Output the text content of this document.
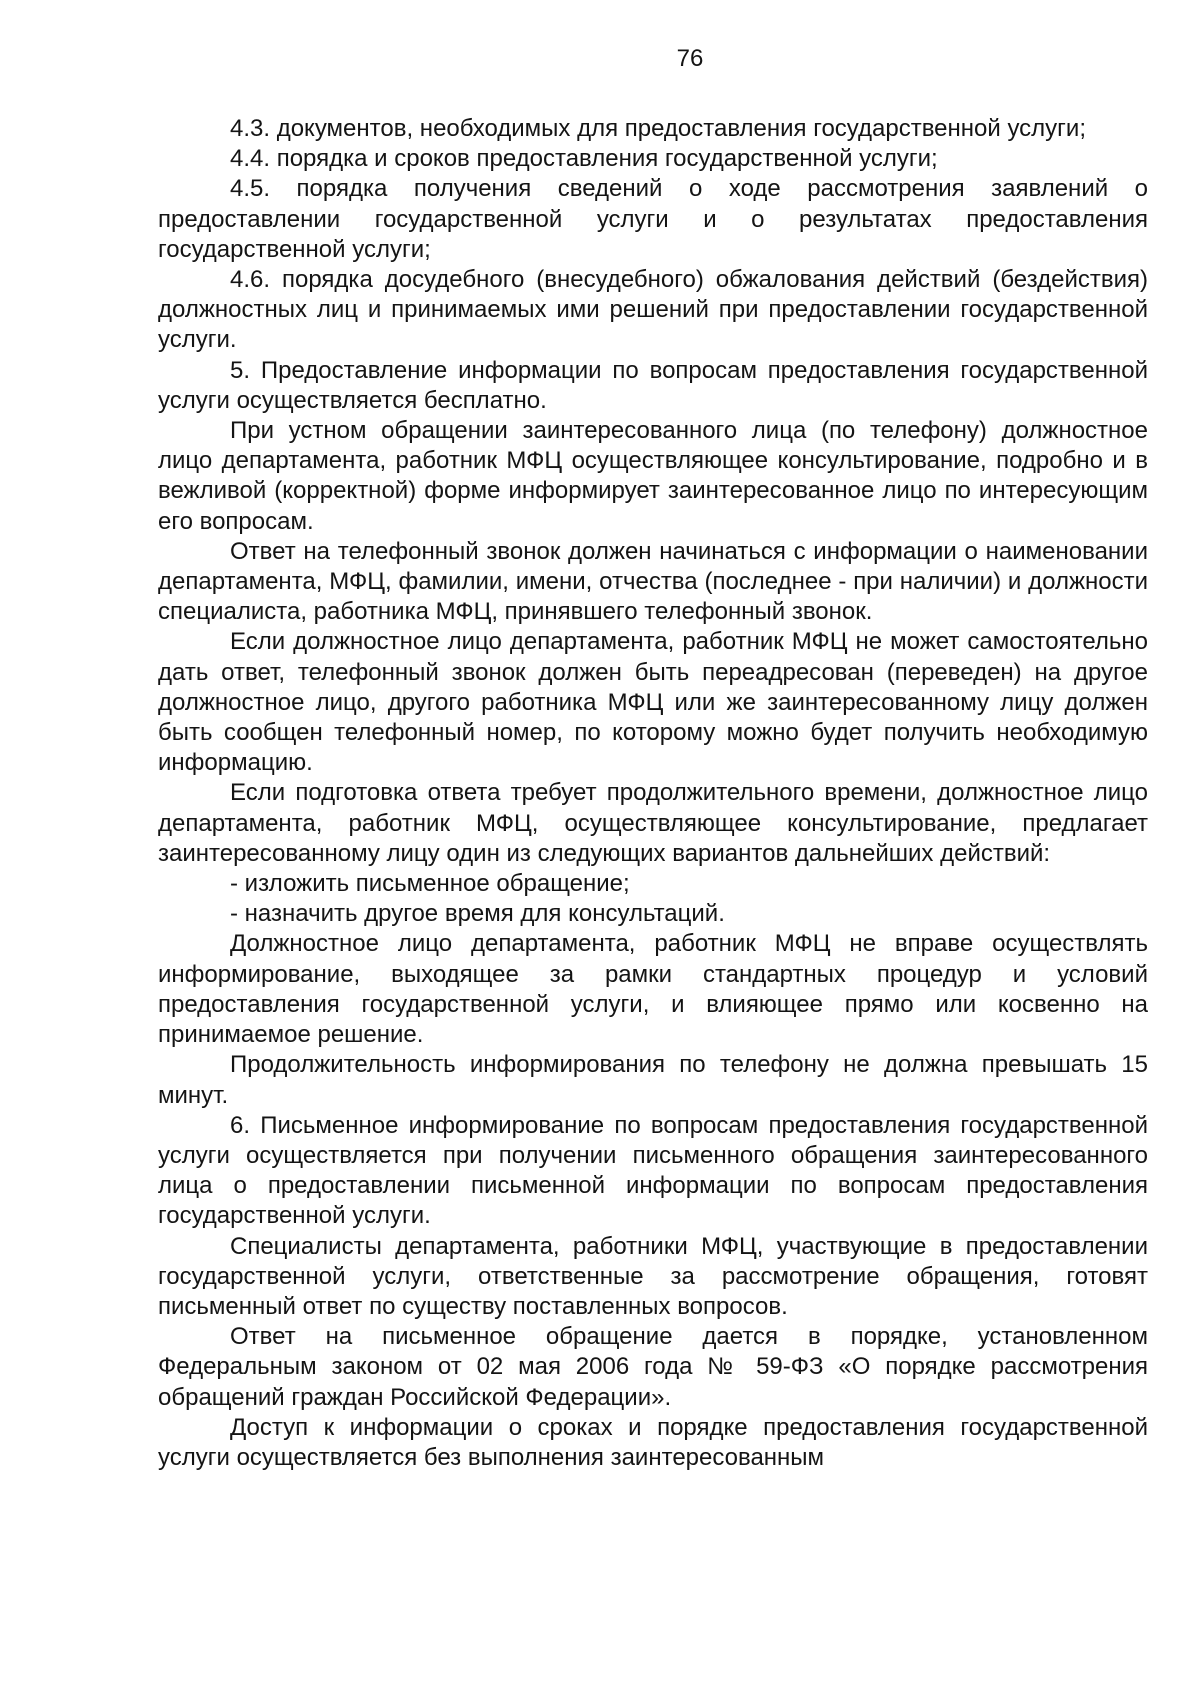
76

4.3. документов, необходимых для предоставления государственной услуги;

4.4. порядка и сроков предоставления государственной услуги;

4.5. порядка получения сведений о ходе рассмотрения заявлений о предоставлении государственной услуги и о результатах предоставления государственной услуги;

4.6. порядка досудебного (внесудебного) обжалования действий (бездействия) должностных лиц и принимаемых ими решений при предоставлении государственной услуги.

5. Предоставление информации по вопросам предоставления государственной услуги осуществляется бесплатно.

При устном обращении заинтересованного лица (по телефону) должностное лицо департамента, работник МФЦ осуществляющее консультирование, подробно и в вежливой (корректной) форме информирует заинтересованное лицо по интересующим его вопросам.

Ответ на телефонный звонок должен начинаться с информации о наименовании департамента, МФЦ, фамилии, имени, отчества (последнее - при наличии) и должности специалиста, работника МФЦ, принявшего телефонный звонок.

Если должностное лицо департамента, работник МФЦ не может самостоятельно дать ответ, телефонный звонок должен быть переадресован (переведен) на другое должностное лицо, другого работника МФЦ или же заинтересованному лицу должен быть сообщен телефонный номер, по которому можно будет получить необходимую информацию.

Если подготовка ответа требует продолжительного времени, должностное лицо департамента, работник МФЦ, осуществляющее консультирование, предлагает заинтересованному лицу один из следующих вариантов дальнейших действий:

- изложить письменное обращение;

- назначить другое время для консультаций.

Должностное лицо департамента, работник МФЦ не вправе осуществлять информирование, выходящее за рамки стандартных процедур и условий предоставления государственной услуги, и влияющее прямо или косвенно на принимаемое решение.

Продолжительность информирования по телефону не должна превышать 15 минут.

6. Письменное информирование по вопросам предоставления государственной услуги осуществляется при получении письменного обращения заинтересованного лица о предоставлении письменной информации по вопросам предоставления государственной услуги.

Специалисты департамента, работники МФЦ, участвующие в предоставлении государственной услуги, ответственные за рассмотрение обращения, готовят письменный ответ по существу поставленных вопросов.

Ответ на письменное обращение дается в порядке, установленном Федеральным законом от 02 мая 2006 года № 59-ФЗ «О порядке рассмотрения обращений граждан Российской Федерации».

Доступ к информации о сроках и порядке предоставления государственной услуги осуществляется без выполнения заинтересованным
